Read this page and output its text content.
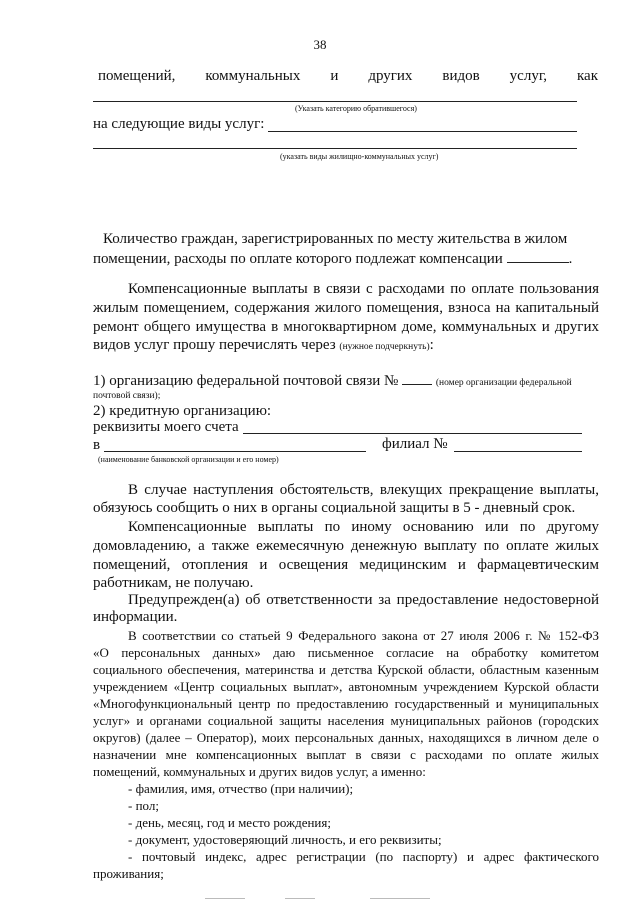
38
помещений, коммунальных и других видов услуг, как
(Указать категорию обратившегося)
на следующие виды услуг:
(указать виды жилищно-коммунальных услуг)
Количество граждан, зарегистрированных по месту жительства в жилом
помещении, расходы по оплате которого подлежат компенсации	.
Компенсационные выплаты в связи с расходами по оплате пользования
жилым помещением, содержания жилого помещения, взноса на капитальный
ремонт общего имущества в многоквартирном доме, коммунальных и других
видов услуг прошу перечислять через (нужное подчеркнуть):
1) организацию федеральной почтовой связи №	(номер организации федеральной
почтовой связи);
2) кредитную организацию:
реквизиты моего счета
в	филиал №
(наименование банковской организации и его номер)
В случае наступления обстоятельств, влекущих прекращение выплаты,
обязуюсь сообщить о них в органы социальной защиты в 5 - дневный срок.
Компенсационные выплаты по иному основанию или по другому
домовладению, а также ежемесячную денежную выплату по оплате жилых
помещений, отопления и освещения медицинским и фармацевтическим
работникам, не получаю.
Предупрежден(а) об ответственности за предоставление недостоверной
информации.
В соответствии со статьей 9 Федерального закона от 27 июля 2006 г. № 152-ФЗ
«О персональных данных» даю письменное согласие на обработку комитетом
социального обеспечения, материнства и детства Курской области, областным казенным
учреждением «Центр социальных выплат», автономным учреждением Курской области
«Многофункциональный центр по предоставлению государственный и муниципальных
услуг» и органами социальной защиты населения муниципальных районов (городских
округов) (далее – Оператор), моих персональных данных, находящихся в личном деле о
назначении мне компенсационных выплат в связи с расходами по оплате жилых
помещений, коммунальных и других видов услуг, а именно:
- фамилия, имя, отчество (при наличии);
- пол;
- день, месяц, год и место рождения;
- документ, удостоверяющий личность, и его реквизиты;
- почтовый индекс, адрес регистрации (по паспорту) и адрес фактического
проживания;
